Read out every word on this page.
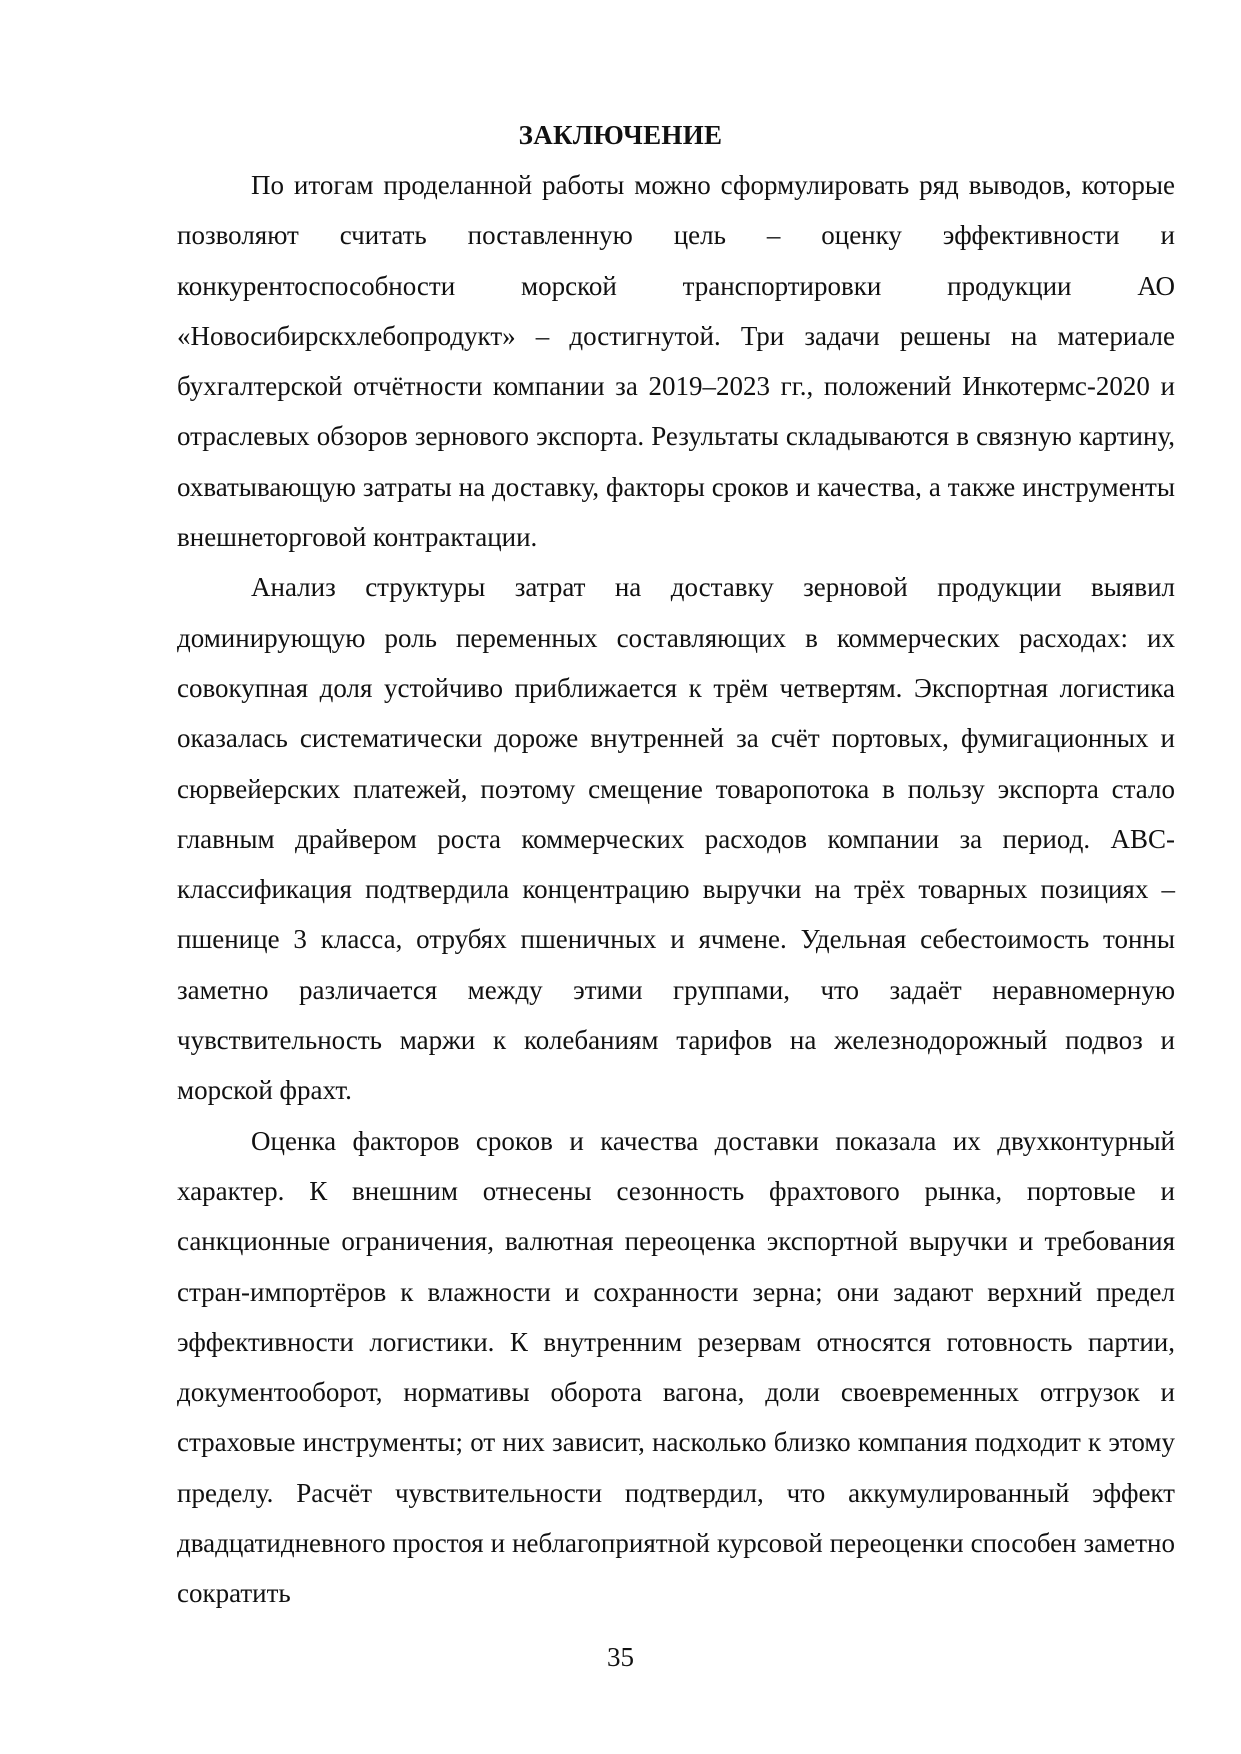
ЗАКЛЮЧЕНИЕ

По итогам проделанной работы можно сформулировать ряд выводов, которые позволяют считать поставленную цель – оценку эффективности и конкурентоспособности морской транспортировки продукции АО «Новосибирскхлебопродукт» – достигнутой. Три задачи решены на материале бухгалтерской отчётности компании за 2019–2023 гг., положений Инкотермс-2020 и отраслевых обзоров зернового экспорта. Результаты складываются в связную картину, охватывающую затраты на доставку, факторы сроков и качества, а также инструменты внешнеторговой контрактации.

Анализ структуры затрат на доставку зерновой продукции выявил доминирующую роль переменных составляющих в коммерческих расходах: их совокупная доля устойчиво приближается к трём четвертям. Экспортная логистика оказалась систематически дороже внутренней за счёт портовых, фумигационных и сюрвейерских платежей, поэтому смещение товаропотока в пользу экспорта стало главным драйвером роста коммерческих расходов компании за период. ABC-классификация подтвердила концентрацию выручки на трёх товарных позициях – пшенице 3 класса, отрубях пшеничных и ячмене. Удельная себестоимость тонны заметно различается между этими группами, что задаёт неравномерную чувствительность маржи к колебаниям тарифов на железнодорожный подвоз и морской фрахт.

Оценка факторов сроков и качества доставки показала их двухконтурный характер. К внешним отнесены сезонность фрахтового рынка, портовые и санкционные ограничения, валютная переоценка экспортной выручки и требования стран-импортёров к влажности и сохранности зерна; они задают верхний предел эффективности логистики. К внутренним резервам относятся готовность партии, документооборот, нормативы оборота вагона, доли своевременных отгрузок и страховые инструменты; от них зависит, насколько близко компания подходит к этому пределу. Расчёт чувствительности подтвердил, что аккумулированный эффект двадцатидневного простоя и неблагоприятной курсовой переоценки способен заметно сократить

35
